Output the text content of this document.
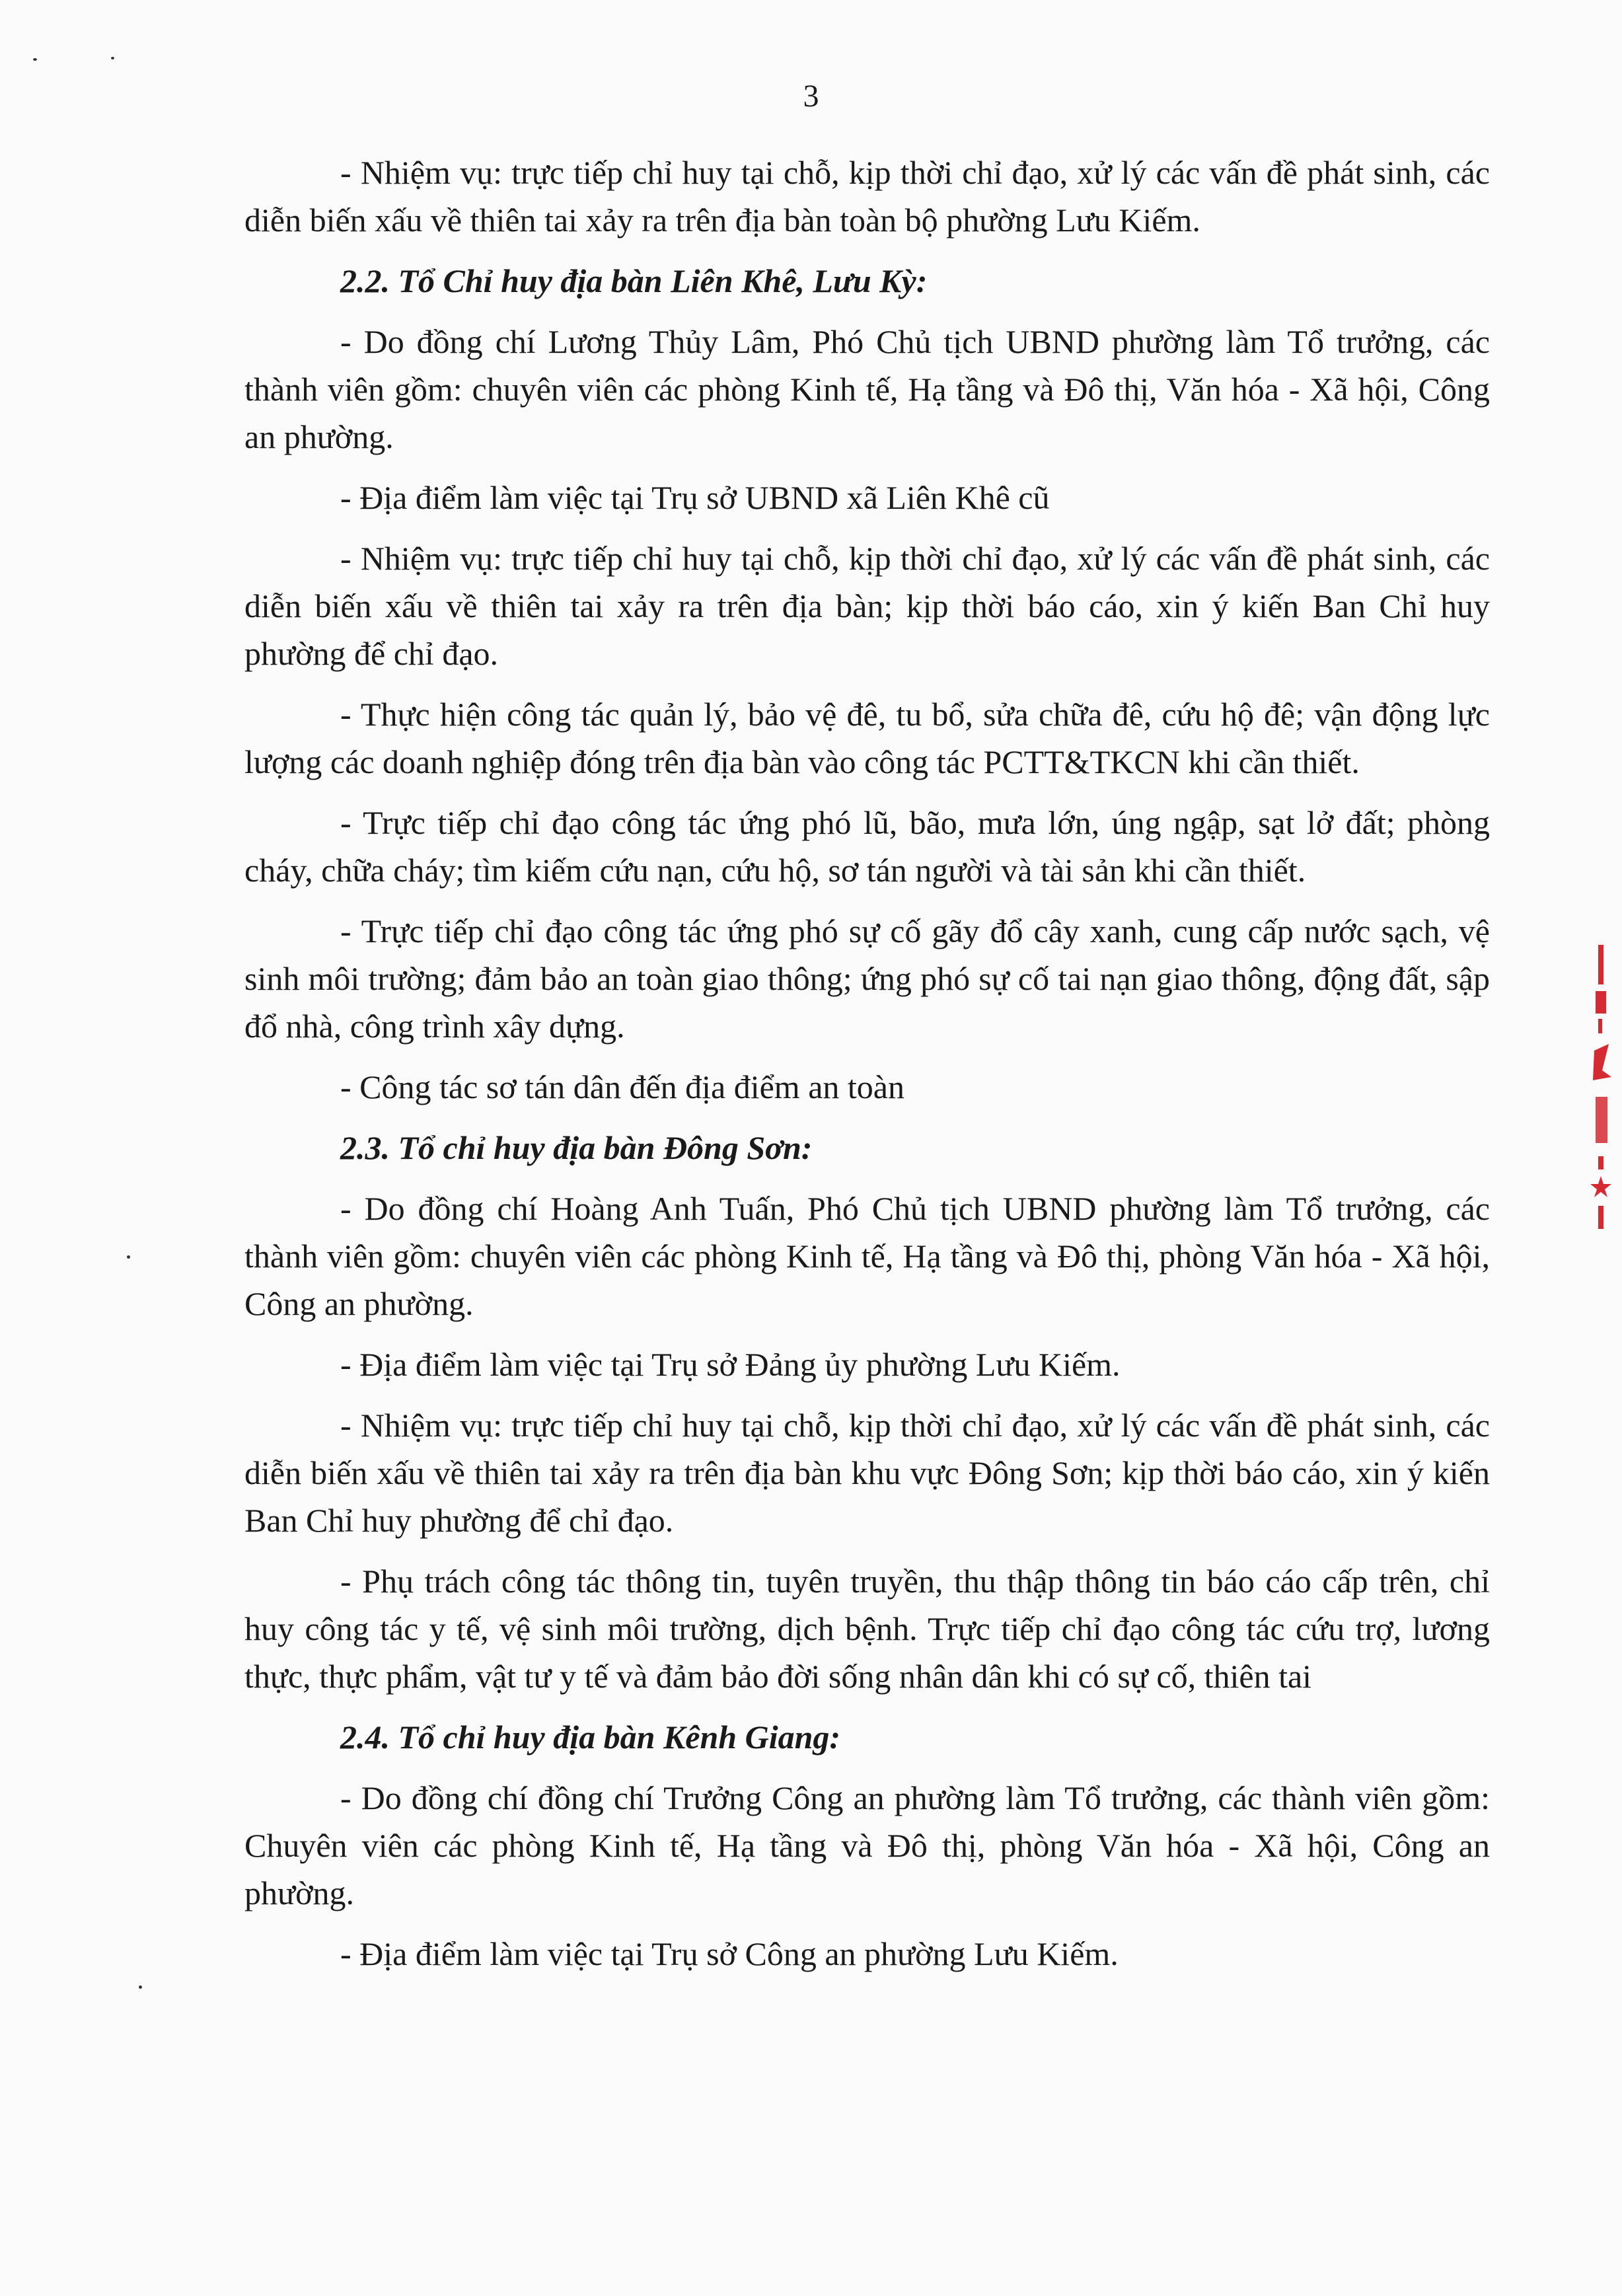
3

- Nhiệm vụ: trực tiếp chỉ huy tại chỗ, kịp thời chỉ đạo, xử lý các vấn đề phát sinh, các diễn biến xấu về thiên tai xảy ra trên địa bàn toàn bộ phường Lưu Kiếm.

2.2. Tổ Chỉ huy địa bàn Liên Khê, Lưu Kỳ:

- Do đồng chí Lương Thủy Lâm, Phó Chủ tịch UBND phường làm Tổ trưởng, các thành viên gồm: chuyên viên các phòng Kinh tế, Hạ tầng và Đô thị, Văn hóa - Xã hội, Công an phường.

- Địa điểm làm việc tại Trụ sở UBND xã Liên Khê cũ

- Nhiệm vụ: trực tiếp chỉ huy tại chỗ, kịp thời chỉ đạo, xử lý các vấn đề phát sinh, các diễn biến xấu về thiên tai xảy ra trên địa bàn; kịp thời báo cáo, xin ý kiến Ban Chỉ huy phường để chỉ đạo.

- Thực hiện công tác quản lý, bảo vệ đê, tu bổ, sửa chữa đê, cứu hộ đê; vận động lực lượng các doanh nghiệp đóng trên địa bàn vào công tác PCTT&TKCN khi cần thiết.

- Trực tiếp chỉ đạo công tác ứng phó lũ, bão, mưa lớn, úng ngập, sạt lở đất; phòng cháy, chữa cháy; tìm kiếm cứu nạn, cứu hộ, sơ tán người và tài sản khi cần thiết.

- Trực tiếp chỉ đạo công tác ứng phó sự cố gãy đổ cây xanh, cung cấp nước sạch, vệ sinh môi trường; đảm bảo an toàn giao thông; ứng phó sự cố tai nạn giao thông, động đất, sập đổ nhà, công trình xây dựng.

- Công tác sơ tán dân đến địa điểm an toàn

2.3. Tổ chỉ huy địa bàn Đông Sơn:

- Do đồng chí Hoàng Anh Tuấn, Phó Chủ tịch UBND phường làm Tổ trưởng, các thành viên gồm: chuyên viên các phòng Kinh tế, Hạ tầng và Đô thị, phòng Văn hóa - Xã hội, Công an phường.

- Địa điểm làm việc tại Trụ sở Đảng ủy phường Lưu Kiếm.

- Nhiệm vụ: trực tiếp chỉ huy tại chỗ, kịp thời chỉ đạo, xử lý các vấn đề phát sinh, các diễn biến xấu về thiên tai xảy ra trên địa bàn khu vực Đông Sơn; kịp thời báo cáo, xin ý kiến Ban Chỉ huy phường để chỉ đạo.

- Phụ trách công tác thông tin, tuyên truyền, thu thập thông tin báo cáo cấp trên, chỉ huy công tác y tế, vệ sinh môi trường, dịch bệnh. Trực tiếp chỉ đạo công tác cứu trợ, lương thực, thực phẩm, vật tư y tế và đảm bảo đời sống nhân dân khi có sự cố, thiên tai

2.4. Tổ chỉ huy địa bàn Kênh Giang:

- Do đồng chí đồng chí Trưởng Công an phường làm Tổ trưởng, các thành viên gồm: Chuyên viên các phòng Kinh tế, Hạ tầng và Đô thị, phòng Văn hóa - Xã hội, Công an phường.

- Địa điểm làm việc tại Trụ sở Công an phường Lưu Kiếm.
